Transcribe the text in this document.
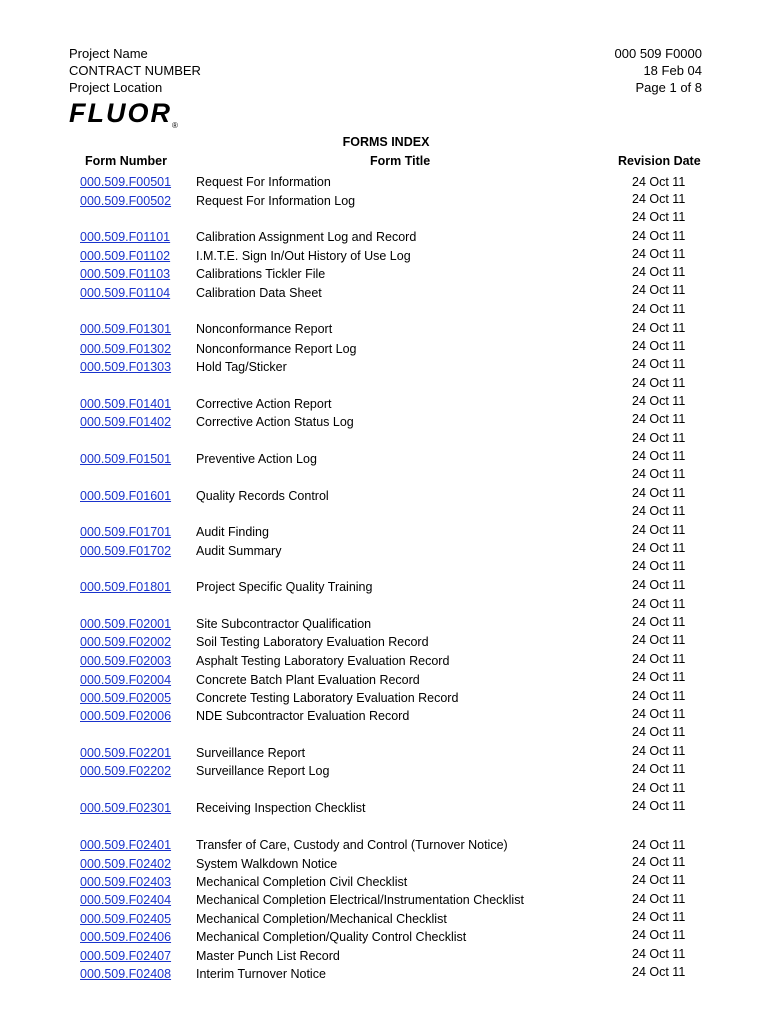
Project Name
CONTRACT NUMBER
Project Location
000 509 F0000
18 Feb 04
Page 1 of 8
$FLUOR_®$
FORMS INDEX
Form Number	Form Title	Revision Date
000.509.F00501 Request For Information
000.509.F00502 Request For Information Log
000.509.F01101 Calibration Assignment Log and Record
000.509.F01102 I.M.T.E. Sign In/Out History of Use Log
000.509.F01103 Calibrations Tickler File
000.509.F01104 Calibration Data Sheet
000.509.F01301 Nonconformance Report
000.509.F01302 Nonconformance Report Log
000.509.F01303 Hold Tag/Sticker
000.509.F01401 Corrective Action Report
000.509.F01402 Corrective Action Status Log
000.509.F01501 Preventive Action Log
000.509.F01601 Quality Records Control
000.509.F01701 Audit Finding
000.509.F01702 Audit Summary
000.509.F01801 Project Specific Quality Training
000.509.F02001 Site Subcontractor Qualification
000.509.F02002 Soil Testing Laboratory Evaluation Record
000.509.F02003 Asphalt Testing Laboratory Evaluation Record
000.509.F02004 Concrete Batch Plant Evaluation Record
000.509.F02005 Concrete Testing Laboratory Evaluation Record
000.509.F02006 NDE Subcontractor Evaluation Record
000.509.F02201 Surveillance Report
000.509.F02202 Surveillance Report Log
000.509.F02301 Receiving Inspection Checklist
000.509.F02401 Transfer of Care, Custody and Control (Turnover Notice)
000.509.F02402 System Walkdown Notice
000.509.F02403 Mechanical Completion Civil Checklist
000.509.F02404 Mechanical Completion Electrical/Instrumentation Checklist
000.509.F02405 Mechanical Completion/Mechanical Checklist
000.509.F02406 Mechanical Completion/Quality Control Checklist
000.509.F02407 Master Punch List Record
000.509.F02408 Interim Turnover Notice
24 Oct 11
24 Oct 11
24 Oct 11
24 Oct 11
24 Oct 11
24 Oct 11
24 Oct 11
24 Oct 11
24 Oct 11
24 Oct 11
24 Oct 11
24 Oct 11
24 Oct 11
24 Oct 11
24 Oct 11
24 Oct 11
24 Oct 11
24 Oct 11
24 Oct 11
24 Oct 11
24 Oct 11
24 Oct 11
24 Oct 11
24 Oct 11
24 Oct 11
24 Oct 11
24 Oct 11
24 Oct 11
24 Oct 11
24 Oct 11
24 Oct 11
24 Oct 11
24 Oct 11
24 Oct 11
24 Oct 11
24 Oct 11
24 Oct 11
24 Oct 11
24 Oct 11
24 Oct 11
24 Oct 11
24 Oct 11
24 Oct 11
